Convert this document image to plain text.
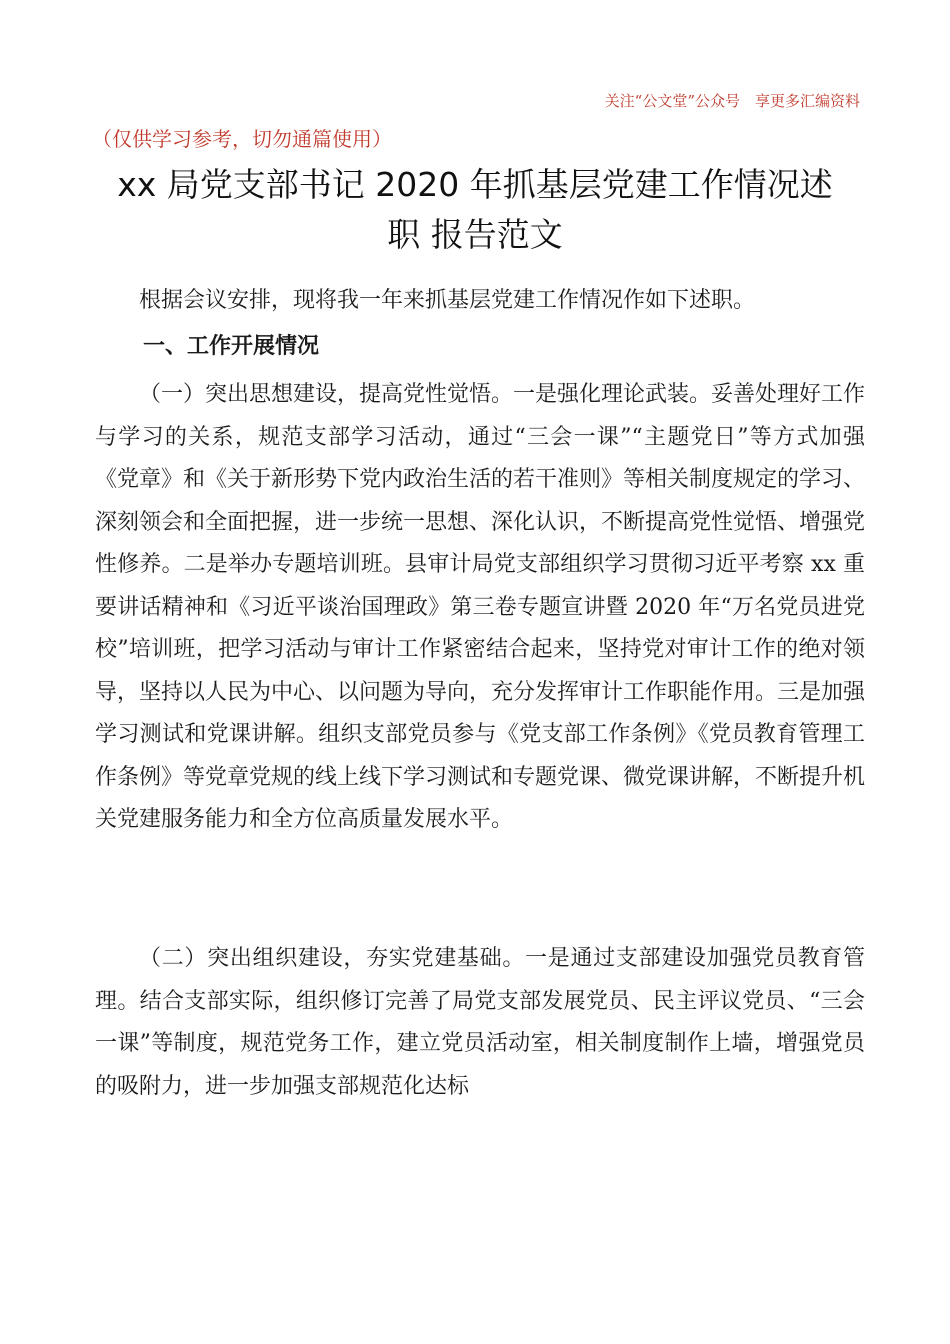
关注“公文堂”公众号　享更多汇编资料
（仅供学习参考，切勿通篇使用）
xx 局党支部书记 2020 年抓基层党建工作情况述
职 报告范文

根据会议安排，现将我一年来抓基层党建工作情况作如下述职。

一、工作开展情况

（一）突出思想建设，提高党性觉悟。一是强化理论武装。妥善处理好工作与学习的关系，规范支部学习活动，通过“三会一课”“主题党日”等方式加强《党章》和《关于新形势下党内政治生活的若干准则》等相关制度规定的学习、深刻领会和全面把握，进一步统一思想、深化认识，不断提高党性觉悟、增强党性修养。二是举办专题培训班。县审计局党支部组织学习贯彻习近平考察 xx 重要讲话精神和《习近平谈治国理政》第三卷专题宣讲暨 2020 年“万名党员进党校”培训班，把学习活动与审计工作紧密结合起来，坚持党对审计工作的绝对领导，坚持以人民为中心、以问题为导向，充分发挥审计工作职能作用。三是加强学习测试和党课讲解。组织支部党员参与《党支部工作条例》《党员教育管理工作条例》等党章党规的线上线下学习测试和专题党课、微党课讲解，不断提升机关党建服务能力和全方位高质量发展水平。

（二）突出组织建设，夯实党建基础。一是通过支部建设加强党员教育管理。结合支部实际，组织修订完善了局党支部发展党员、民主评议党员、“三会一课”等制度，规范党务工作，建立党员活动室，相关制度制作上墙，增强党员的吸附力，进一步加强支部规范化达标
